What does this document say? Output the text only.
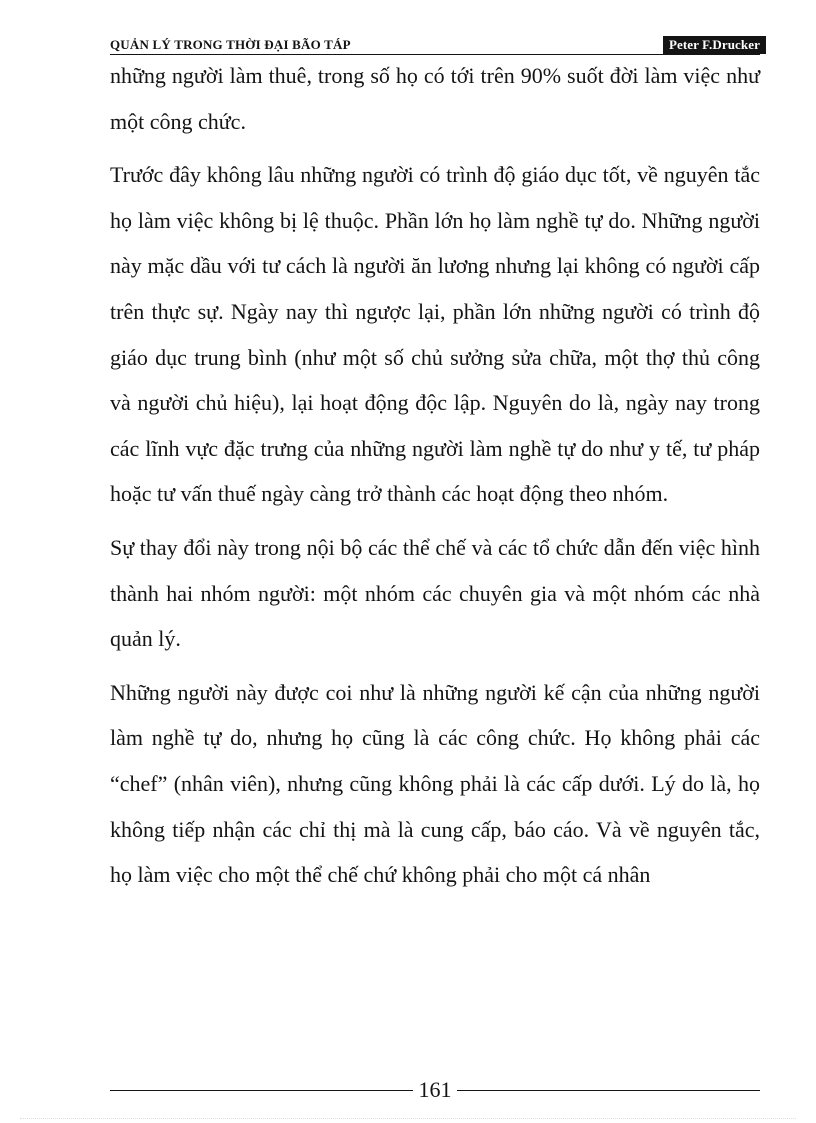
QUẢN LÝ TRONG THỜI ĐẠI BÃO TÁP	Peter F.Drucker

những người làm thuê, trong số họ có tới trên 90% suốt đời làm việc như một công chức.

Trước đây không lâu những người có trình độ giáo dục tốt, về nguyên tắc họ làm việc không bị lệ thuộc. Phần lớn họ làm nghề tự do. Những người này mặc dầu với tư cách là người ăn lương nhưng lại không có người cấp trên thực sự. Ngày nay thì ngược lại, phần lớn những người có trình độ giáo dục trung bình (như một số chủ sưởng sửa chữa, một thợ thủ công và người chủ hiệu), lại hoạt động độc lập. Nguyên do là, ngày nay trong các lĩnh vực đặc trưng của những người làm nghề tự do như y tế, tư pháp hoặc tư vấn thuế ngày càng trở thành các hoạt động theo nhóm.

Sự thay đổi này trong nội bộ các thể chế và các tổ chức dẫn đến việc hình thành hai nhóm người: một nhóm các chuyên gia và một nhóm các nhà quản lý.

Những người này được coi như là những người kế cận của những người làm nghề tự do, nhưng họ cũng là các công chức. Họ không phải các “chef” (nhân viên), nhưng cũng không phải là các cấp dưới. Lý do là, họ không tiếp nhận các chỉ thị mà là cung cấp, báo cáo. Và về nguyên tắc, họ làm việc cho một thể chế chứ không phải cho một cá nhân

161
